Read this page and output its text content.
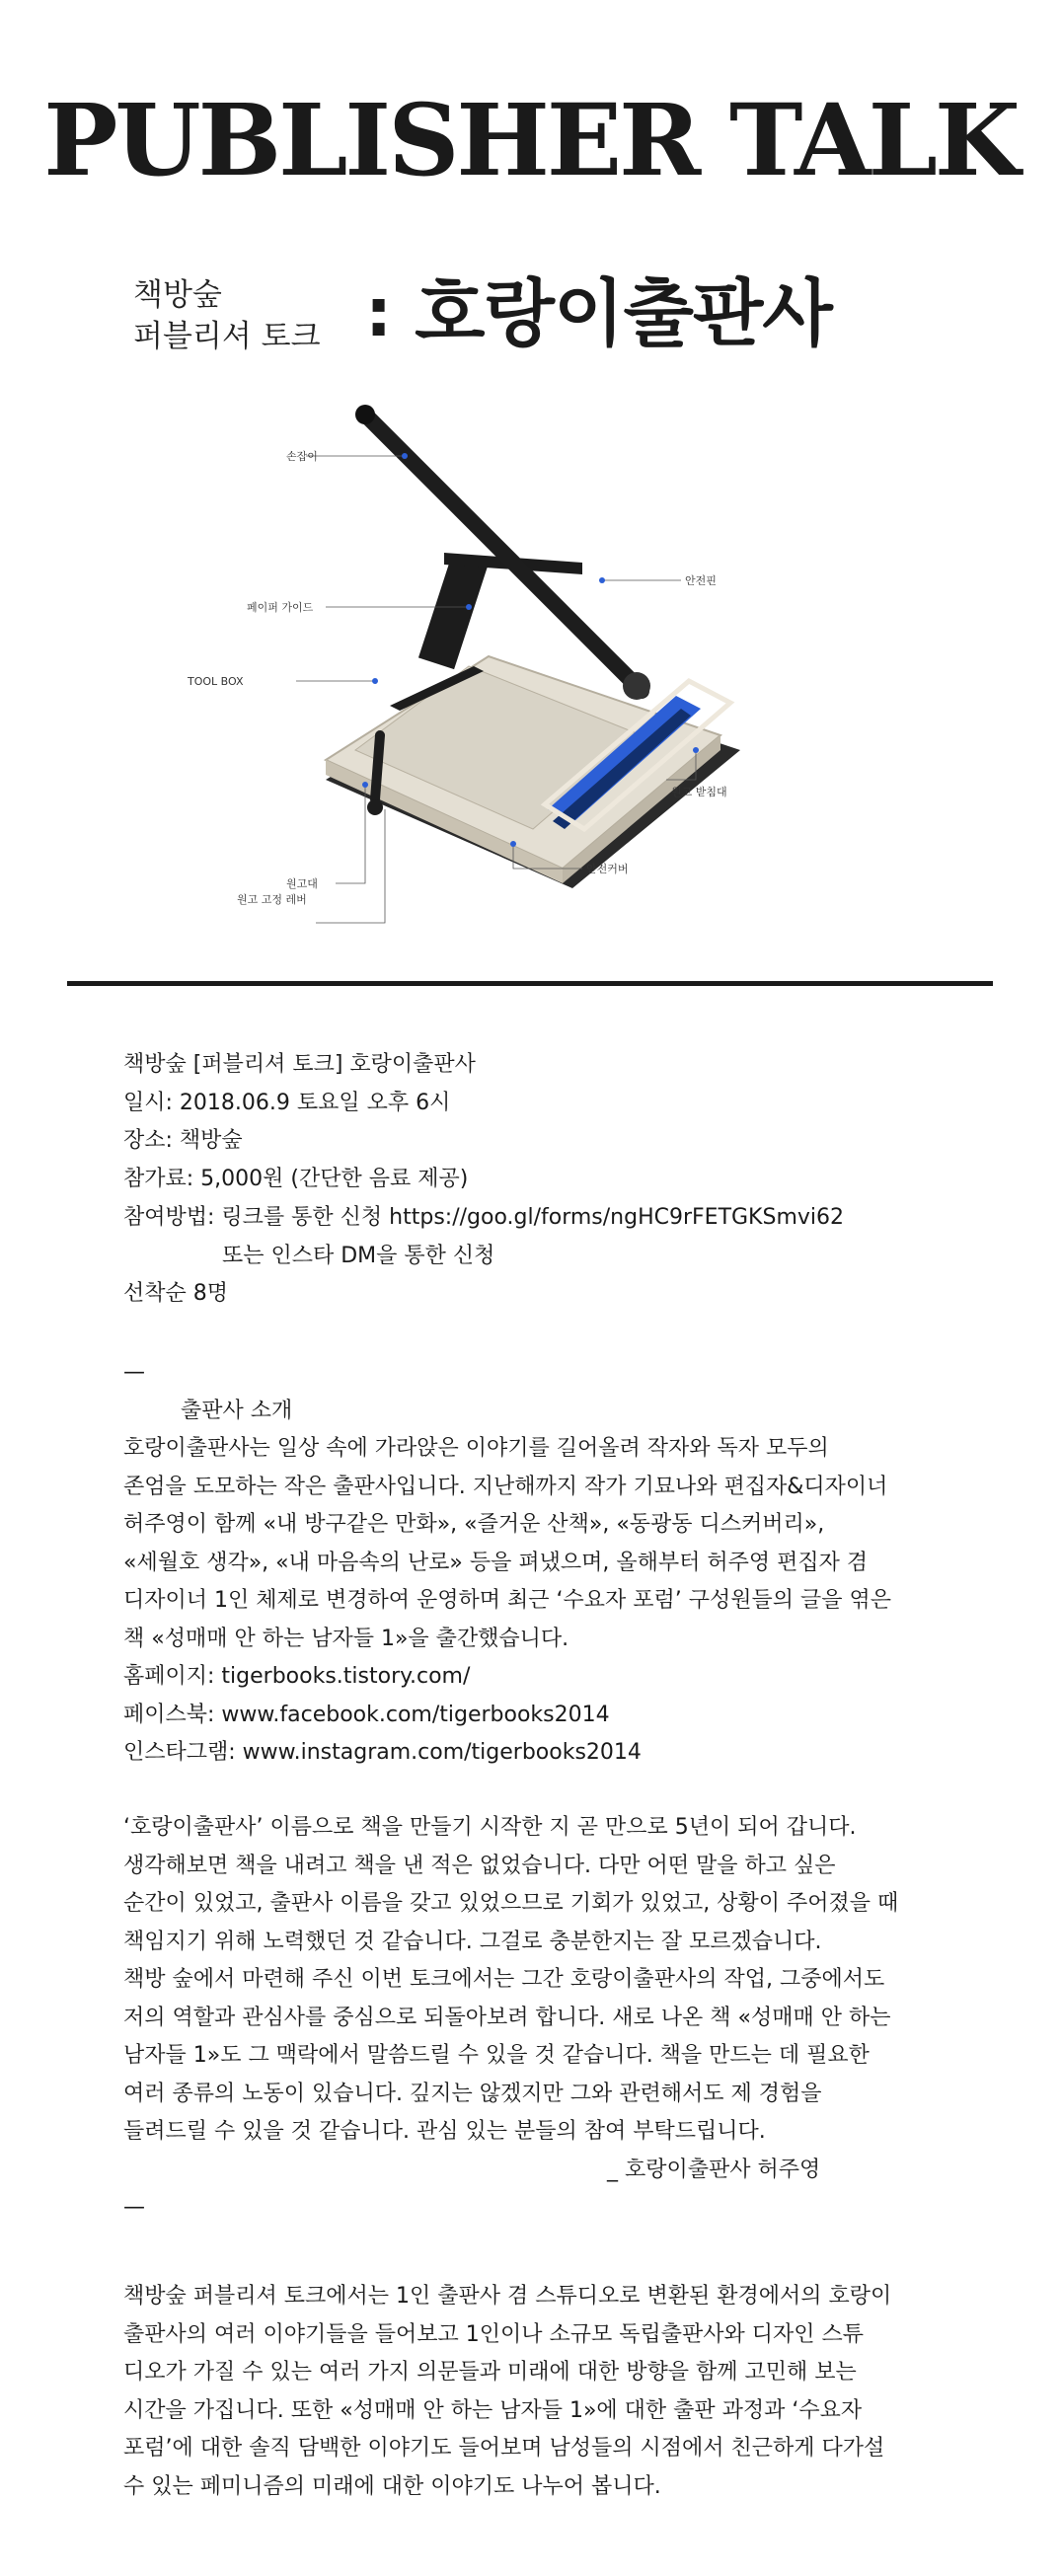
PUBLISHER TALK
책방숲
퍼블리셔 토크 : 호랑이출판사
손잡이
안전핀
페이퍼 가이드
TOOL BOX
원고 받침대
원고대
안전커버
원고 고정 레버

책방숲 [퍼블리셔 토크] 호랑이출판사

일시: 2018.06.9 토요일 오후 6시

장소: 책방숲

참가료: 5,000원 (간단한 음료 제공)

참여방법: 링크를 통한 신청 https://goo.gl/forms/ngHC9rFETGKSmvi62

또는 인스타 DM을 통한 신청

선착순 8명

—

출판사 소개

호랑이출판사는 일상 속에 가라앉은 이야기를 길어올려 작자와 독자 모두의

존엄을 도모하는 작은 출판사입니다. 지난해까지 작가 기묘나와 편집자&디자이너

허주영이 함께 «내 방구같은 만화», «즐거운 산책», «동광동 디스커버리»,

«세월호 생각», «내 마음속의 난로» 등을 펴냈으며, 올해부터 허주영 편집자 겸

디자이너 1인 체제로 변경하여 운영하며 최근 ‘수요자 포럼’ 구성원들의 글을 엮은

책 «성매매 안 하는 남자들 1»을 출간했습니다.

홈페이지: tigerbooks.tistory.com/

페이스북: www.facebook.com/tigerbooks2014

인스타그램: www.instagram.com/tigerbooks2014

‘호랑이출판사’ 이름으로 책을 만들기 시작한 지 곧 만으로 5년이 되어 갑니다.

생각해보면 책을 내려고 책을 낸 적은 없었습니다. 다만 어떤 말을 하고 싶은

순간이 있었고, 출판사 이름을 갖고 있었으므로 기회가 있었고, 상황이 주어졌을 때

책임지기 위해 노력했던 것 같습니다. 그걸로 충분한지는 잘 모르겠습니다.

책방 숲에서 마련해 주신 이번 토크에서는 그간 호랑이출판사의 작업, 그중에서도

저의 역할과 관심사를 중심으로 되돌아보려 합니다. 새로 나온 책 «성매매 안 하는

남자들 1»도 그 맥락에서 말씀드릴 수 있을 것 같습니다. 책을 만드는 데 필요한

여러 종류의 노동이 있습니다. 깊지는 않겠지만 그와 관련해서도 제 경험을

들려드릴 수 있을 것 같습니다. 관심 있는 분들의 참여 부탁드립니다.

_ 호랑이출판사 허주영

—

책방숲 퍼블리셔 토크에서는 1인 출판사 겸 스튜디오로 변환된 환경에서의 호랑이

출판사의 여러 이야기들을 들어보고 1인이나 소규모 독립출판사와 디자인 스튜

디오가 가질 수 있는 여러 가지 의문들과 미래에 대한 방향을 함께 고민해 보는

시간을 가집니다. 또한 «성매매 안 하는 남자들 1»에 대한 출판 과정과 ‘수요자

포럼’에 대한 솔직 담백한 이야기도 들어보며 남성들의 시점에서 친근하게 다가설

수 있는 페미니즘의 미래에 대한 이야기도 나누어 봅니다.
